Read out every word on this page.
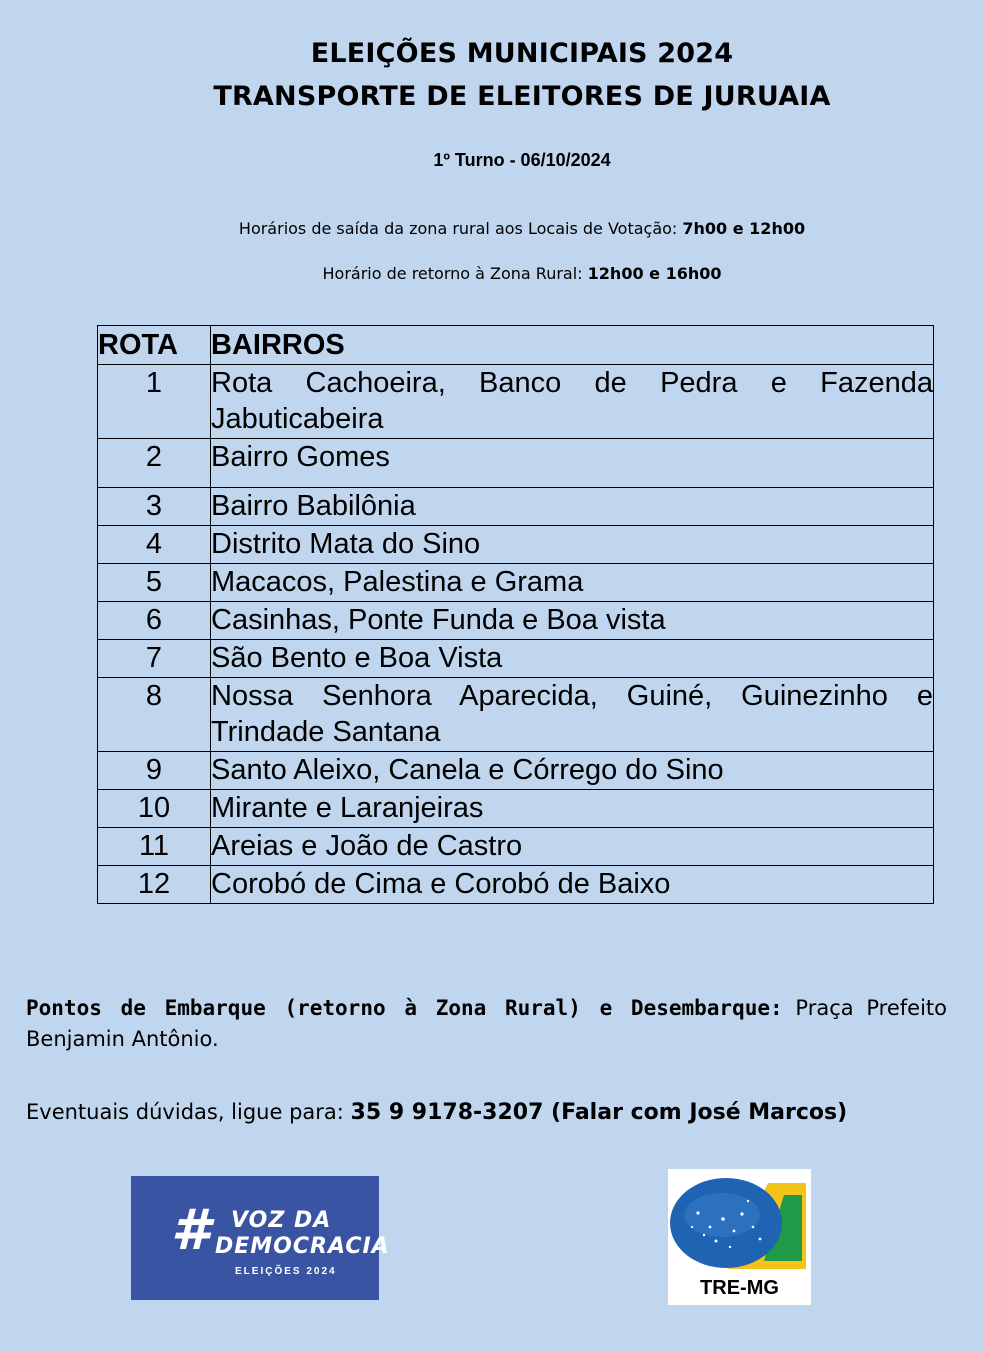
ELEIÇÕES MUNICIPAIS 2024
TRANSPORTE DE ELEITORES DE JURUAIA
1º Turno - 06/10/2024
Horários de saída da zona rural aos Locais de Votação: 7h00 e 12h00
Horário de retorno à Zona Rural: 12h00 e 16h00
ROTA	BAIRROS
1	Rota Cachoeira, Banco de Pedra e Fazenda Jabuticabeira
2	Bairro Gomes
3	Bairro Babilônia
4	Distrito Mata do Sino
5	Macacos, Palestina e Grama
6	Casinhas, Ponte Funda e Boa vista
7	São Bento e Boa Vista
8	Nossa Senhora Aparecida, Guiné, Guinezinho e Trindade Santana
9	Santo Aleixo, Canela e Córrego do Sino
10	Mirante e Laranjeiras
11	Areias e João de Castro
12	Corobó de Cima e Corobó de Baixo
Pontos de Embarque (retorno à Zona Rural) e Desembarque: Praça Prefeito Benjamin Antônio.
Eventuais dúvidas, ligue para: 35 9 9178-3207 (Falar com José Marcos)
# VOZ DA
DEMOCRACIA
ELEIÇÕES 2024
TRE-MG
